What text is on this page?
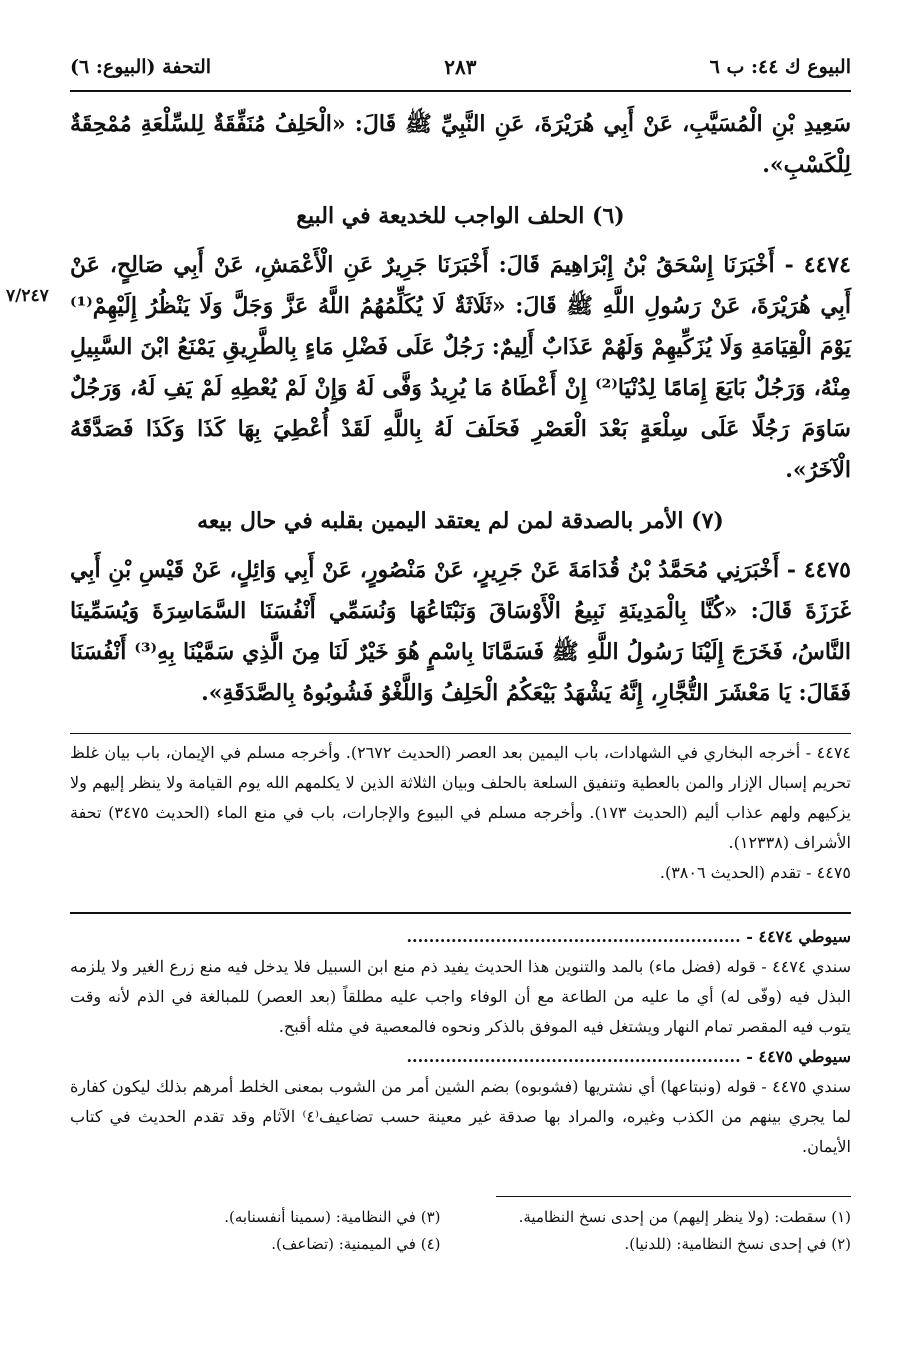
البيوع ك ٤٤: ب ٦
٢٨٣
التحفة (البيوع: ٦)
٧/٢٤٧

سَعِيدِ بْنِ الْمُسَيَّبِ، عَنْ أَبِي هُرَيْرَةَ، عَنِ النَّبِيِّ ﷺ قَالَ: «الْحَلِفُ مُنَفِّقَةٌ لِلسِّلْعَةِ مُمْحِقَةٌ لِلْكَسْبِ».

(٦) الحلف الواجب للخديعة في البيع

٤٤٧٤ - أَخْبَرَنَا إِسْحَقُ بْنُ إِبْرَاهِيمَ قَالَ: أَخْبَرَنَا جَرِيرٌ عَنِ الْأَعْمَشِ، عَنْ أَبِي صَالِحٍ، عَنْ أَبِي هُرَيْرَةَ، عَنْ رَسُولِ اللَّهِ ﷺ قَالَ: «ثَلَاثَةٌ لَا يُكَلِّمُهُمُ اللَّهُ عَزَّ وَجَلَّ وَلَا يَنْظُرُ إِلَيْهِمْ⁽¹⁾ يَوْمَ الْقِيَامَةِ وَلَا يُزَكِّيهِمْ وَلَهُمْ عَذَابٌ أَلِيمٌ: رَجُلٌ عَلَى فَضْلِ مَاءٍ بِالطَّرِيقِ يَمْنَعُ ابْنَ السَّبِيلِ مِنْهُ، وَرَجُلٌ بَايَعَ إِمَامًا لِدُنْيَا⁽²⁾ إِنْ أَعْطَاهُ مَا يُرِيدُ وَفَّى لَهُ وَإِنْ لَمْ يُعْطِهِ لَمْ يَفِ لَهُ، وَرَجُلٌ سَاوَمَ رَجُلًا عَلَى سِلْعَةٍ بَعْدَ الْعَصْرِ فَحَلَفَ لَهُ بِاللَّهِ لَقَدْ أُعْطِيَ بِهَا كَذَا وَكَذَا فَصَدَّقَهُ الْآخَرُ».

(٧) الأمر بالصدقة لمن لم يعتقد اليمين بقلبه في حال بيعه

٤٤٧٥ - أَخْبَرَنِي مُحَمَّدُ بْنُ قُدَامَةَ عَنْ جَرِيرٍ، عَنْ مَنْصُورٍ، عَنْ أَبِي وَائِلٍ، عَنْ قَيْسِ بْنِ أَبِي غَرَزَةَ قَالَ: «كُنَّا بِالْمَدِينَةِ نَبِيعُ الْأَوْسَاقَ وَنَبْتَاعُهَا وَنُسَمِّي أَنْفُسَنَا السَّمَاسِرَةَ وَيُسَمِّينَا النَّاسُ، فَخَرَجَ إِلَيْنَا رَسُولُ اللَّهِ ﷺ فَسَمَّانَا بِاسْمٍ هُوَ خَيْرٌ لَنَا مِنَ الَّذِي سَمَّيْنَا بِهِ⁽³⁾ أَنْفُسَنَا فَقَالَ: يَا مَعْشَرَ التُّجَّارِ، إِنَّهُ يَشْهَدُ بَيْعَكُمُ الْحَلِفُ وَاللَّغْوُ فَشُوبُوهُ بِالصَّدَقَةِ».

٤٤٧٤ - أخرجه البخاري في الشهادات، باب اليمين بعد العصر (الحديث ٢٦٧٢). وأخرجه مسلم في الإيمان، باب بيان غلظ تحريم إسبال الإزار والمن بالعطية وتنفيق السلعة بالحلف وبيان الثلاثة الذين لا يكلمهم الله يوم القيامة ولا ينظر إليهم ولا يزكيهم ولهم عذاب أليم (الحديث ١٧٣). وأخرجه مسلم في البيوع والإجارات، باب في منع الماء (الحديث ٣٤٧٥) تحفة الأشراف (١٢٣٣٨).

٤٤٧٥ - تقدم (الحديث ٣٨٠٦).

سيوطي ٤٤٧٤ - ............................................................

سندي ٤٤٧٤ - قوله (فضل ماء) بالمد والتنوين هذا الحديث يفيد ذم منع ابن السبيل فلا يدخل فيه منع زرع الغير ولا يلزمه البذل فيه (وفّى له) أي ما عليه من الطاعة مع أن الوفاء واجب عليه مطلقاً (بعد العصر) للمبالغة في الذم لأنه وقت يتوب فيه المقصر تمام النهار ويشتغل فيه الموفق بالذكر ونحوه فالمعصية في مثله أقبح.

سيوطي ٤٤٧٥ - ............................................................

سندي ٤٤٧٥ - قوله (ونبتاعها) أي نشتريها (فشوبوه) بضم الشين أمر من الشوب بمعنى الخلط أمرهم بذلك ليكون كفارة لما يجري بينهم من الكذب وغيره، والمراد بها صدقة غير معينة حسب تضاعيف⁽٤⁾ الآثام وقد تقدم الحديث في كتاب الأيمان.

(١) سقطت: (ولا ينظر إليهم) من إحدى نسخ النظامية.
(٣) في النظامية: (سمينا أنفسنابه).
(٢) في إحدى نسخ النظامية: (للدنيا).
(٤) في الميمنية: (تضاعف).
